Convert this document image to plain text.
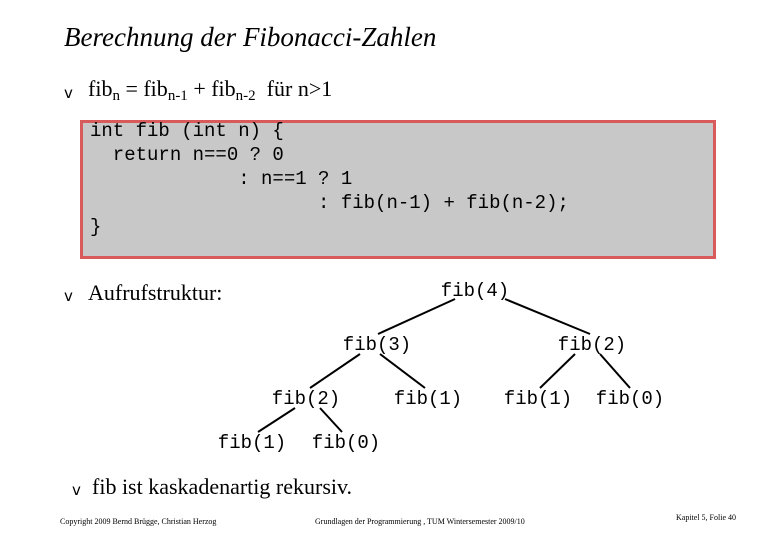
Berechnung der Fibonacci-Zahlen
v fib$_n$ = fib$_{n-1}$ + fib$_{n-2}$  für n>1
int fib (int n) {
return n==0 ? 0
: n==1 ? 1
: fib(n-1) + fib(n-2);
}
v Aufrufstruktur:	fib(4)
fib(3)	fib(2)
fib(2)	fib(1) fib(1) fib(0)
fib(1) fib(0)
v fib ist kaskadenartig rekursiv.
Copyright 2009 Bernd Brügge, Christian Herzog	Grundlagen der Programmierung , TUM Wintersemester 2009/10	Kapitel 5, Folie 40
